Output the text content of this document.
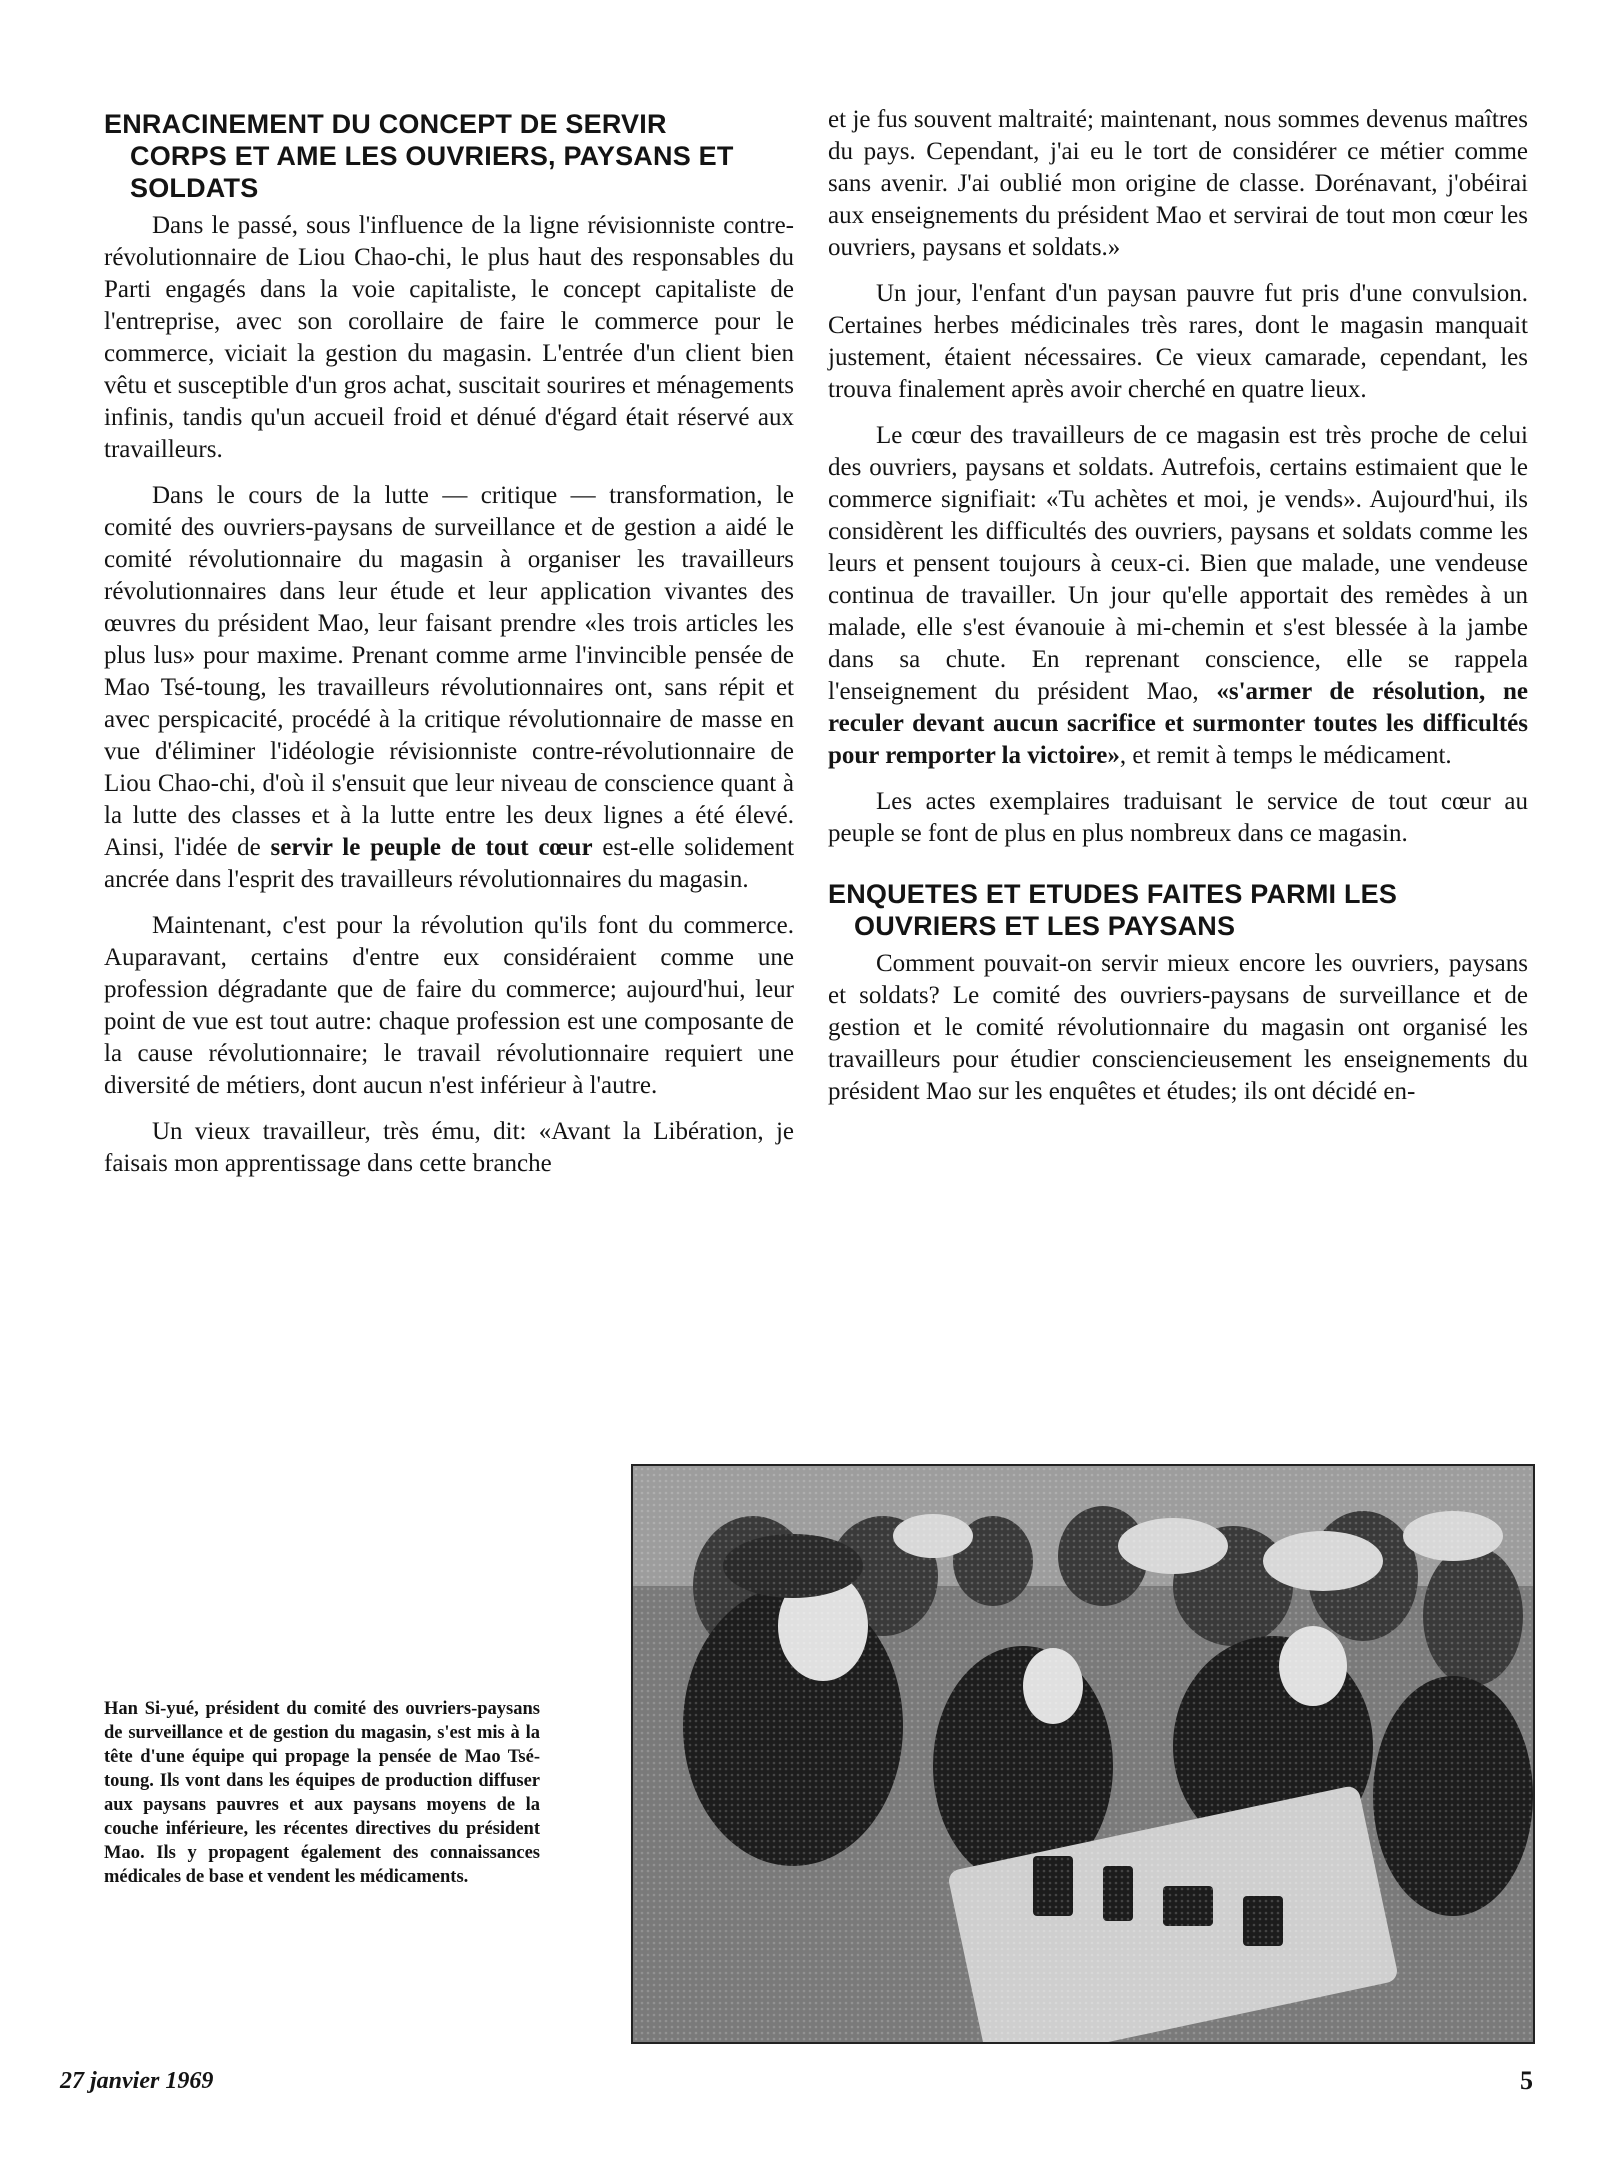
ENRACINEMENT DU CONCEPT DE SERVIR
CORPS ET AME LES OUVRIERS, PAYSANS ET SOLDATS

Dans le passé, sous l'influence de la ligne révisionniste contre-révolutionnaire de Liou Chao-chi, le plus haut des responsables du Parti engagés dans la voie capitaliste, le concept capitaliste de l'entreprise, avec son corollaire de faire le commerce pour le commerce, viciait la gestion du magasin. L'entrée d'un client bien vêtu et susceptible d'un gros achat, suscitait sourires et ménagements infinis, tandis qu'un accueil froid et dénué d'égard était réservé aux travailleurs.

Dans le cours de la lutte — critique — transformation, le comité des ouvriers-paysans de surveillance et de gestion a aidé le comité révolutionnaire du magasin à organiser les travailleurs révolutionnaires dans leur étude et leur application vivantes des œuvres du président Mao, leur faisant prendre «les trois articles les plus lus» pour maxime. Prenant comme arme l'invincible pensée de Mao Tsé-toung, les travailleurs révolutionnaires ont, sans répit et avec perspicacité, procédé à la critique révolutionnaire de masse en vue d'éliminer l'idéologie révisionniste contre-révolutionnaire de Liou Chao-chi, d'où il s'ensuit que leur niveau de conscience quant à la lutte des classes et à la lutte entre les deux lignes a été élevé. Ainsi, l'idée de servir le peuple de tout cœur est-elle solidement ancrée dans l'esprit des travailleurs révolutionnaires du magasin.

Maintenant, c'est pour la révolution qu'ils font du commerce. Auparavant, certains d'entre eux considéraient comme une profession dégradante que de faire du commerce; aujourd'hui, leur point de vue est tout autre: chaque profession est une composante de la cause révolutionnaire; le travail révolutionnaire requiert une diversité de métiers, dont aucun n'est inférieur à l'autre.

Un vieux travailleur, très ému, dit: «Avant la Libération, je faisais mon apprentissage dans cette branche

et je fus souvent maltraité; maintenant, nous sommes devenus maîtres du pays. Cependant, j'ai eu le tort de considérer ce métier comme sans avenir. J'ai oublié mon origine de classe. Dorénavant, j'obéirai aux enseignements du président Mao et servirai de tout mon cœur les ouvriers, paysans et soldats.»

Un jour, l'enfant d'un paysan pauvre fut pris d'une convulsion. Certaines herbes médicinales très rares, dont le magasin manquait justement, étaient nécessaires. Ce vieux camarade, cependant, les trouva finalement après avoir cherché en quatre lieux.

Le cœur des travailleurs de ce magasin est très proche de celui des ouvriers, paysans et soldats. Autrefois, certains estimaient que le commerce signifiait: «Tu achètes et moi, je vends». Aujourd'hui, ils considèrent les difficultés des ouvriers, paysans et soldats comme les leurs et pensent toujours à ceux-ci. Bien que malade, une vendeuse continua de travailler. Un jour qu'elle apportait des remèdes à un malade, elle s'est évanouie à mi-chemin et s'est blessée à la jambe dans sa chute. En reprenant conscience, elle se rappela l'enseignement du président Mao, «s'armer de résolution, ne reculer devant aucun sacrifice et surmonter toutes les difficultés pour remporter la victoire», et remit à temps le médicament.

Les actes exemplaires traduisant le service de tout cœur au peuple se font de plus en plus nombreux dans ce magasin.

ENQUETES ET ETUDES FAITES PARMI LES
OUVRIERS ET LES PAYSANS

Comment pouvait-on servir mieux encore les ouvriers, paysans et soldats? Le comité des ouvriers-paysans de surveillance et de gestion et le comité révolutionnaire du magasin ont organisé les travailleurs pour étudier consciencieusement les enseignements du président Mao sur les enquêtes et études; ils ont décidé en-

Han Si-yué, président du comité des ouvriers-paysans de surveillance et de gestion du magasin, s'est mis à la tête d'une équipe qui propage la pensée de Mao Tsé-toung. Ils vont dans les équipes de production diffuser aux paysans pauvres et aux paysans moyens de la couche inférieure, les récentes directives du président Mao. Ils y propagent également des connaissances médicales de base et vendent les médicaments.

27 janvier 1969	5
